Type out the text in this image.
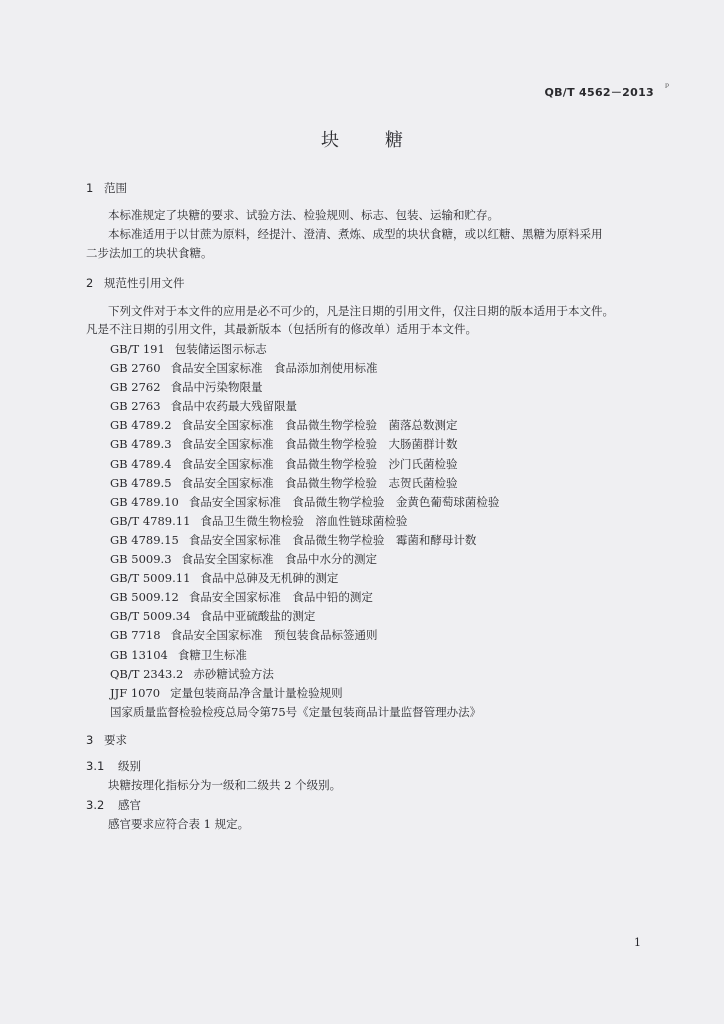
QB/T 4562－2013 ᵖ
块　糖
1 范围
本标准规定了块糖的要求、试验方法、检验规则、标志、包装、运输和贮存。
本标准适用于以甘蔗为原料，经提汁、澄清、煮炼、成型的块状食糖，或以红糖、黑糖为原料采用
二步法加工的块状食糖。
2 规范性引用文件
下列文件对于本文件的应用是必不可少的，凡是注日期的引用文件，仅注日期的版本适用于本文件。
凡是不注日期的引用文件，其最新版本（包括所有的修改单）适用于本文件。
GB/T 191 包装储运图示标志
GB 2760 食品安全国家标准　食品添加剂使用标准
GB 2762 食品中污染物限量
GB 2763 食品中农药最大残留限量
GB 4789.2 食品安全国家标准　食品微生物学检验　菌落总数测定
GB 4789.3 食品安全国家标准　食品微生物学检验　大肠菌群计数
GB 4789.4 食品安全国家标准　食品微生物学检验　沙门氏菌检验
GB 4789.5 食品安全国家标准　食品微生物学检验　志贺氏菌检验
GB 4789.10 食品安全国家标准　食品微生物学检验　金黄色葡萄球菌检验
GB/T 4789.11 食品卫生微生物检验　溶血性链球菌检验
GB 4789.15 食品安全国家标准　食品微生物学检验　霉菌和酵母计数
GB 5009.3 食品安全国家标准　食品中水分的测定
GB/T 5009.11 食品中总砷及无机砷的测定
GB 5009.12 食品安全国家标准　食品中铅的测定
GB/T 5009.34 食品中亚硫酸盐的测定
GB 7718 食品安全国家标准　预包装食品标签通则
GB 13104 食糖卫生标准
QB/T 2343.2 赤砂糖试验方法
JJF 1070 定量包装商品净含量计量检验规则
国家质量监督检验检疫总局令第75号《定量包装商品计量监督管理办法》
3 要求
3.1 级别
块糖按理化指标分为一级和二级共 2 个级别。
3.2 感官
感官要求应符合表 1 规定。
1
